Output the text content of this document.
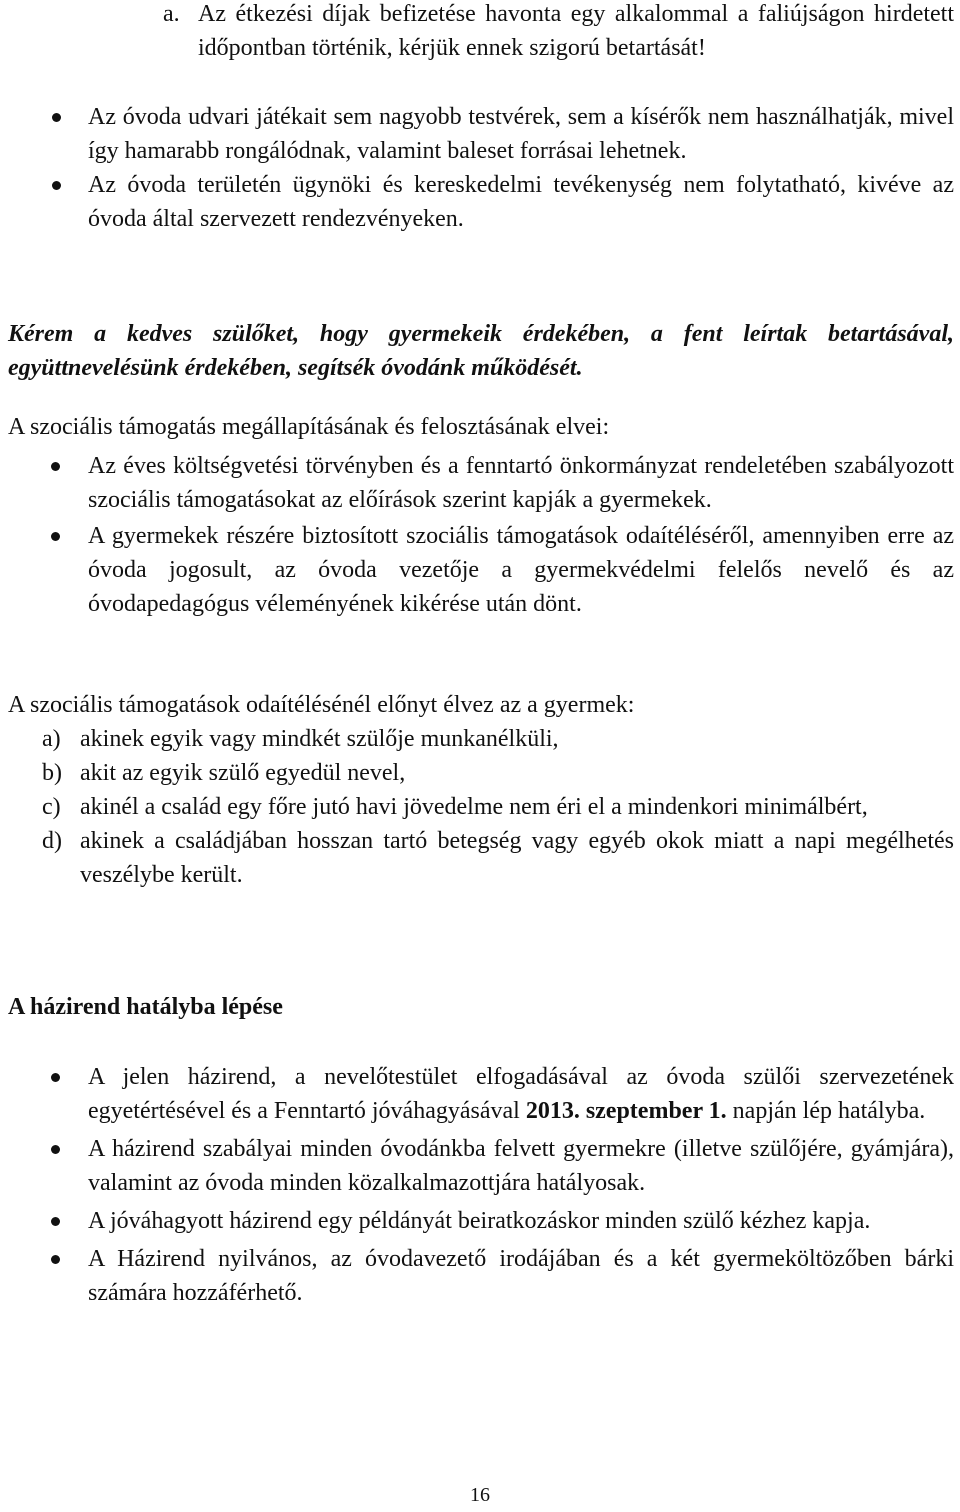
a. Az étkezési díjak befizetése havonta egy alkalommal a faliújságon hirdetett időpontban történik, kérjük ennek szigorú betartását!
Az óvoda udvari játékait sem nagyobb testvérek, sem a kísérők nem használhatják, mivel így hamarabb rongálódnak, valamint baleset forrásai lehetnek.
Az óvoda területén ügynöki és kereskedelmi tevékenység nem folytatható, kivéve az óvoda által szervezett rendezvényeken.
Kérem a kedves szülőket, hogy gyermekeik érdekében, a fent leírtak betartásával, együttnevelésünk érdekében, segítsék óvodánk működését.
A szociális támogatás megállapításának és felosztásának elvei:
Az éves költségvetési törvényben és a fenntartó önkormányzat rendeletében szabályozott szociális támogatásokat az előírások szerint kapják a gyermekek.
A gyermekek részére biztosított szociális támogatások odaítéléséről, amennyiben erre az óvoda jogosult, az óvoda vezetője a gyermekvédelmi felelős nevelő és az óvodapedagógus véleményének kikérése után dönt.
A szociális támogatások odaítélésénél előnyt élvez az a gyermek:
a) akinek egyik vagy mindkét szülője munkanélküli,
b) akit az egyik szülő egyedül nevel,
c) akinél a család egy főre jutó havi jövedelme nem éri el a mindenkori minimálbért,
d) akinek a családjában hosszan tartó betegség vagy egyéb okok miatt a napi megélhetés veszélybe került.
A házirend hatályba lépése
A jelen házirend, a nevelőtestület elfogadásával az óvoda szülői szervezetének egyetértésével és a Fenntartó jóváhagyásával 2013. szeptember 1. napján lép hatályba.
A házirend szabályai minden óvodánkba felvett gyermekre (illetve szülőjére, gyámjára), valamint az óvoda minden közalkalmazottjára hatályosak.
A jóváhagyott házirend egy példányát beiratkozáskor minden szülő kézhez kapja.
A Házirend nyilvános, az óvodavezető irodájában és a két gyermeköltözőben bárki számára hozzáférhető.
16
